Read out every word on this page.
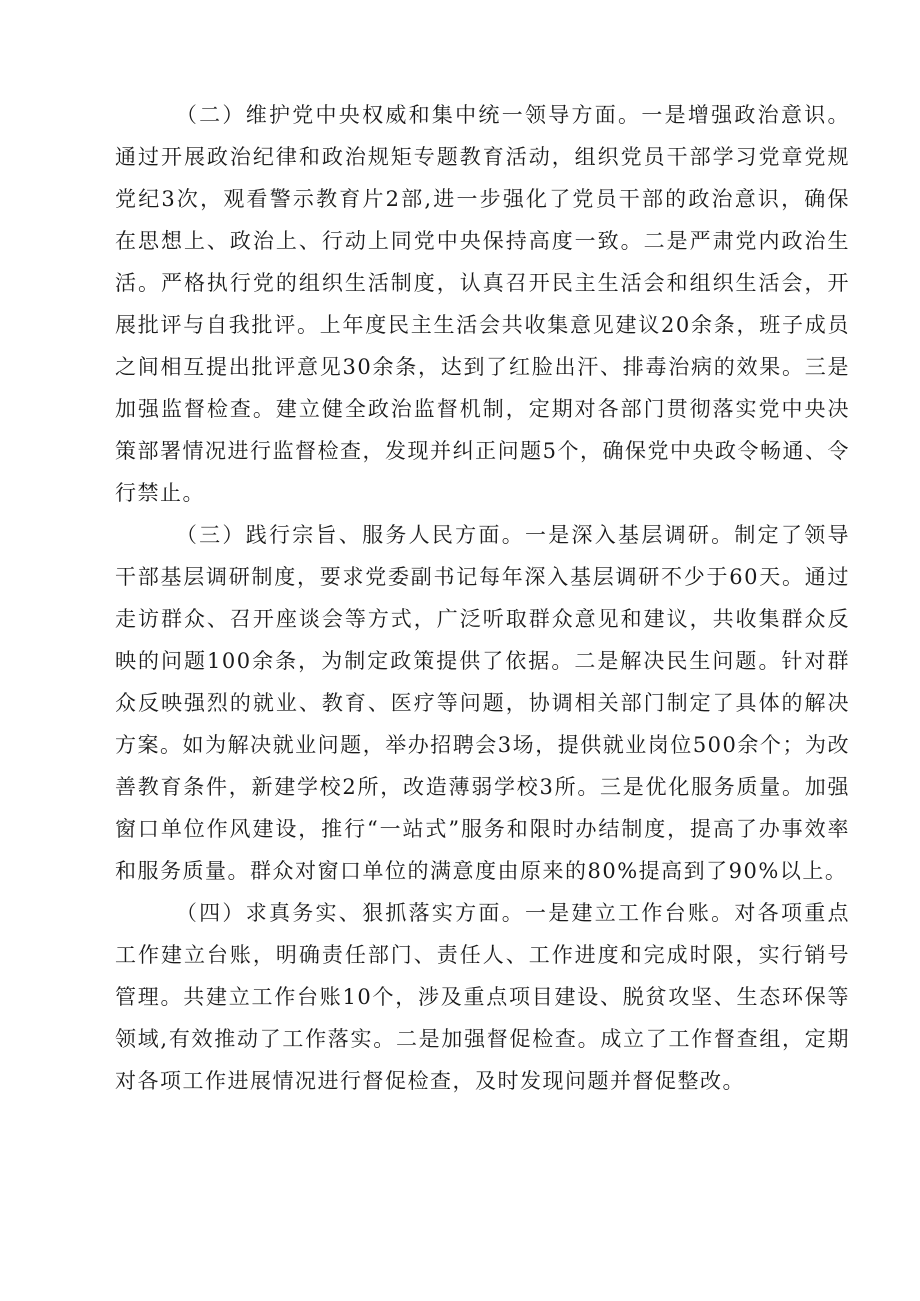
（二）维护党中央权威和集中统一领导方面。一是增强政治意识。通过开展政治纪律和政治规矩专题教育活动，组织党员干部学习党章党规党纪3次，观看警示教育片2部,进一步强化了党员干部的政治意识，确保在思想上、政治上、行动上同党中央保持高度一致。二是严肃党内政治生活。严格执行党的组织生活制度，认真召开民主生活会和组织生活会，开展批评与自我批评。上年度民主生活会共收集意见建议20余条，班子成员之间相互提出批评意见30余条，达到了红脸出汗、排毒治病的效果。三是加强监督检查。建立健全政治监督机制，定期对各部门贯彻落实党中央决策部署情况进行监督检查，发现并纠正问题5个，确保党中央政令畅通、令行禁止。

（三）践行宗旨、服务人民方面。一是深入基层调研。制定了领导干部基层调研制度，要求党委副书记每年深入基层调研不少于60天。通过走访群众、召开座谈会等方式，广泛听取群众意见和建议，共收集群众反映的问题100余条，为制定政策提供了依据。二是解决民生问题。针对群众反映强烈的就业、教育、医疗等问题，协调相关部门制定了具体的解决方案。如为解决就业问题，举办招聘会3场，提供就业岗位500余个；为改善教育条件，新建学校2所，改造薄弱学校3所。三是优化服务质量。加强窗口单位作风建设，推行“一站式”服务和限时办结制度，提高了办事效率和服务质量。群众对窗口单位的满意度由原来的80%提高到了90%以上。

（四）求真务实、狠抓落实方面。一是建立工作台账。对各项重点工作建立台账，明确责任部门、责任人、工作进度和完成时限，实行销号管理。共建立工作台账10个，涉及重点项目建设、脱贫攻坚、生态环保等领域,有效推动了工作落实。二是加强督促检查。成立了工作督查组，定期对各项工作进展情况进行督促检查，及时发现问题并督促整改。
